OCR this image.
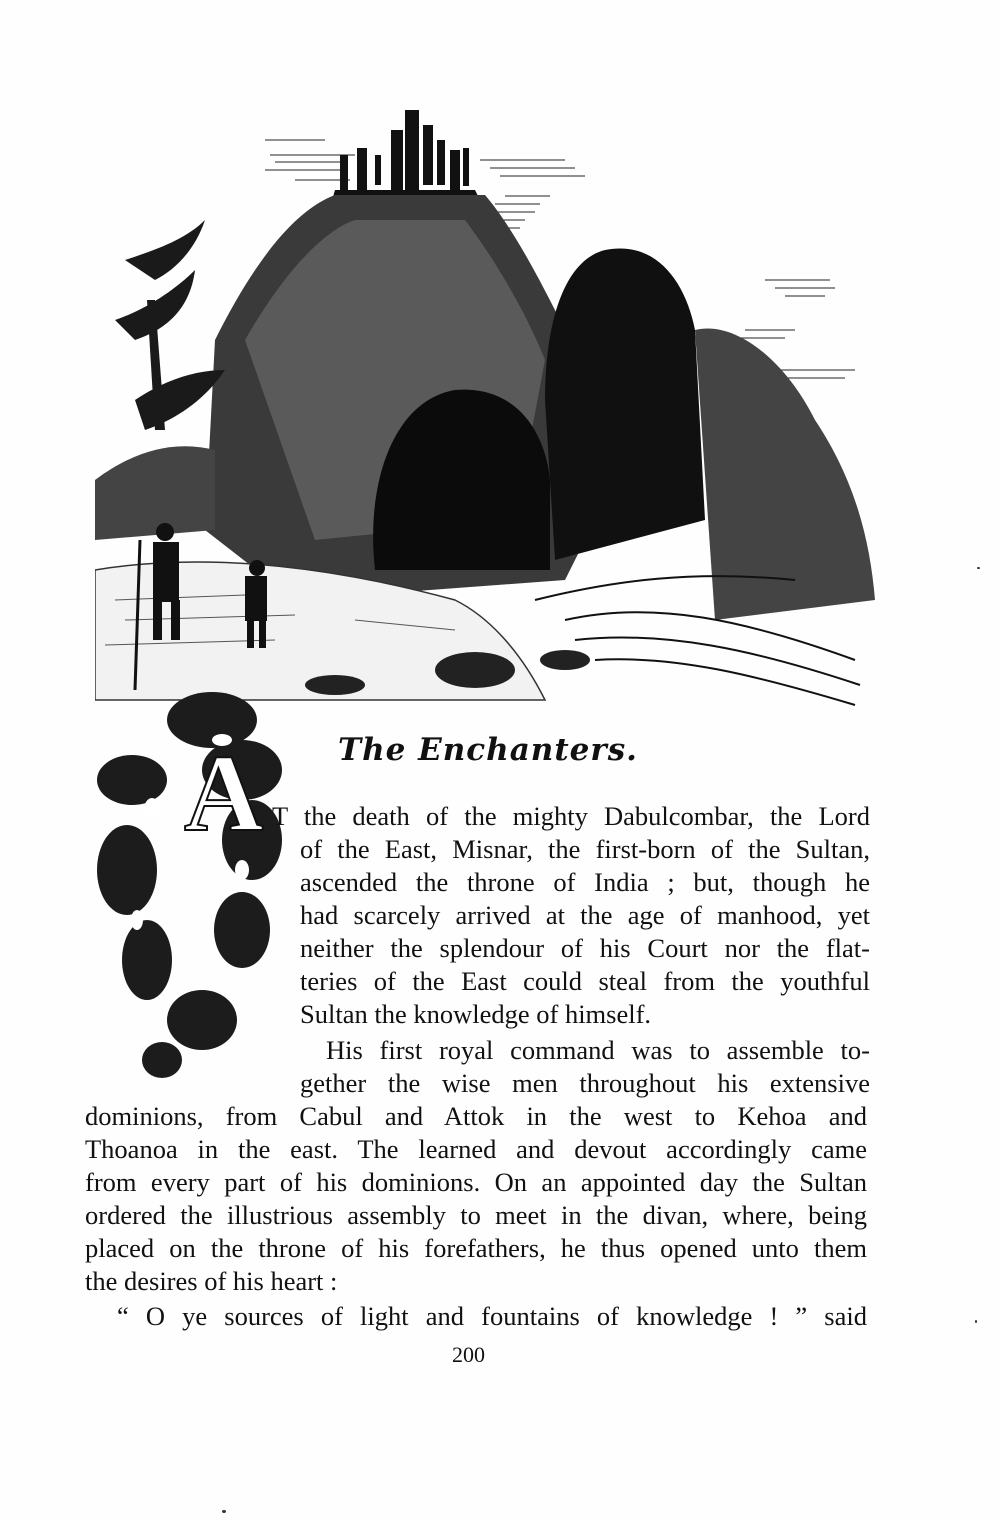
A The Enchanters.
T the death of the mighty Dabulcombar, the Lord
of the East, Misnar, the first-born of the Sultan,
ascended the throne of India ; but, though he
had scarcely arrived at the age of manhood, yet
neither the splendour of his Court nor the flat-
teries of the East could steal from the youthful
Sultan the knowledge of himself.
His first royal command was to assemble to-
gether the wise men throughout his extensive
dominions, from Cabul and Attok in the west to Kehoa and
Thoanoa in the east. The learned and devout accordingly came
from every part of his dominions. On an appointed day the Sultan
ordered the illustrious assembly to meet in the divan, where, being
placed on the throne of his forefathers, he thus opened unto them
the desires of his heart :
“ O ye sources of light and fountains of knowledge ! ” said
200
